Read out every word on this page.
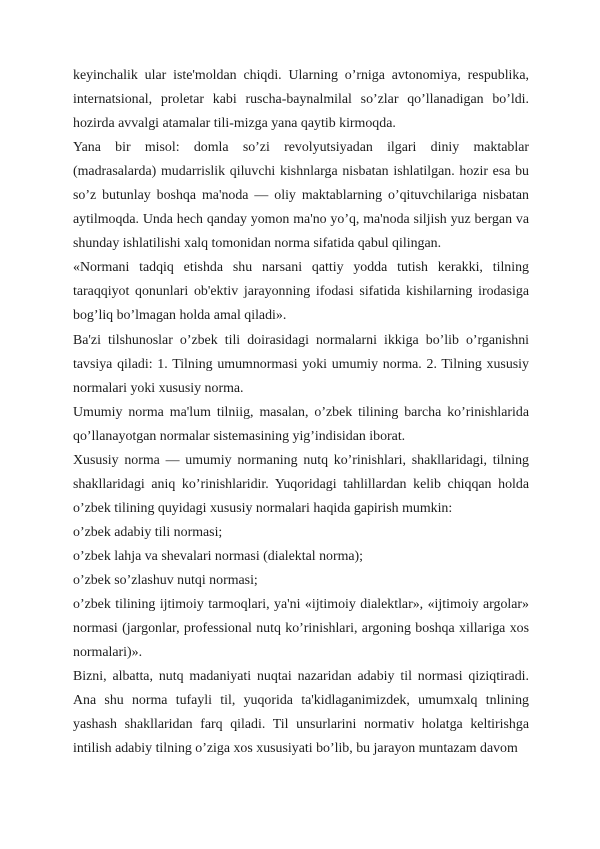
keyinchalik ular iste'moldan chiqdi. Ularning o’rniga avtonomiya, respublika, internatsional, proletar kabi ruscha-baynalmilal so’zlar qo’llanadigan bo’ldi. hozirda avvalgi atamalar tili-mizga yana qaytib kirmoqda.

Yana bir misol: domla so’zi revolyutsiyadan ilgari diniy maktablar (madrasalarda) mudarrislik qiluvchi kishnlarga nisbatan ishlatilgan. hozir esa bu so’z butunlay boshqa ma'noda — oliy maktablarning o’qituvchilariga nisbatan aytilmoqda. Unda hech qanday yomon ma'no yo’q, ma'noda siljish yuz bergan va shunday ishlatilishi xalq tomonidan norma sifatida qabul qilingan.

«Normani tadqiq etishda shu narsani qattiy yodda tutish kerakki, tilning taraqqiyot qonunlari ob'ektiv jarayonning ifodasi sifatida kishilarning irodasiga bog’liq bo’lmagan holda amal qiladi».

Ba'zi tilshunoslar o’zbek tili doirasidagi normalarni ikkiga bo’lib o’rganishni tavsiya qiladi: 1. Tilning umumnormasi yoki umumiy norma. 2. Tilning xususiy normalari yoki xususiy norma.

Umumiy norma ma'lum tilniig, masalan, o’zbek tilining barcha ko’rinishlarida qo’llanayotgan normalar sistemasining yig’indisidan iborat.

Xususiy norma — umumiy normaning nutq ko’rinishlari, shakllaridagi, tilning shakllaridagi aniq ko’rinishlaridir. Yuqoridagi tahlillardan kelib chiqqan holda o’zbek tilining quyidagi xususiy normalari haqida gapirish mumkin:

o’zbek adabiy tili normasi;

o’zbek lahja va shevalari normasi (dialektal norma);

o’zbek so’zlashuv nutqi normasi;

o’zbek tilining ijtimoiy tarmoqlari, ya'ni «ijtimoiy dialektlar», «ijtimoiy argolar» normasi (jargonlar, professional nutq ko’rinishlari, argoning boshqa xillariga xos normalari)».

Bizni, albatta, nutq madaniyati nuqtai nazaridan adabiy til normasi qiziqtiradi. Ana shu norma tufayli til, yuqorida ta'kidlaganimizdek, umumxalq tnlining yashash shakllaridan farq qiladi. Til unsurlarini normativ holatga keltirishga intilish adabiy tilning o’ziga xos xususiyati bo’lib, bu jarayon muntazam davom
